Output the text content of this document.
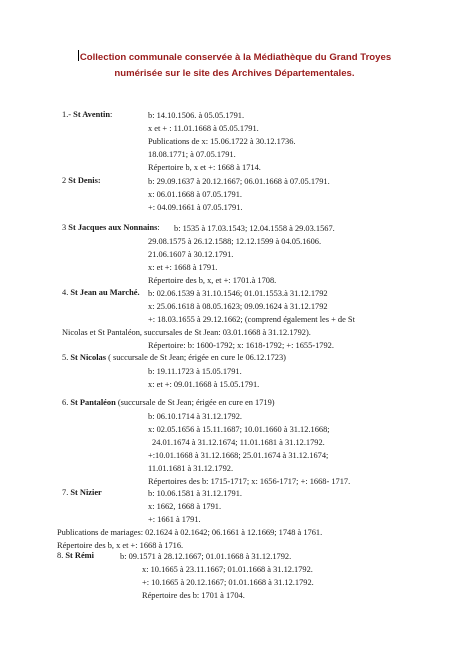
Collection communale conservée à la Médiathèque du Grand Troyes
numérisée sur le site des Archives Départementales.
1.- St Aventin:	b: 14.10.1506. à 05.05.1791.
x et + : 11.01.1668 à 05.05.1791.
Publications de x: 15.06.1722 à 30.12.1736.
18.08.1771; à 07.05.1791.
Répertoire b, x et +: 1668 à 1714.
2 St Denis:	b: 29.09.1637 à 20.12.1667; 06.01.1668 à 07.05.1791.
x: 06.01.1668 à 07.05.1791.
+: 04.09.1661 à 07.05.1791.
3 St Jacques aux Nonnains: b: 1535 à 17.03.1543; 12.04.1558 à 29.03.1567.
29.08.1575 à 26.12.1588; 12.12.1599 à 04.05.1606.
21.06.1607 à 30.12.1791.
x: et +: 1668 à 1791.
Répertoire des b, x, et +: 1701.à 1708.
4. St Jean au Marché. b: 02.06.1539 à 31.10.1546; 01.01.1553.à 31.12.1792
x: 25.06.1618 à 08.05.1623; 09.09.1624 à 31.12.1792
+: 18.03.1655 à 29.12.1662; (comprend également les + de St
Nicolas et St Pantaléon, succursales de St Jean: 03.01.1668 à 31.12.1792).
Répertoire: b: 1600-1792; x: 1618-1792; +: 1655-1792.
5. St Nicolas ( succursale de St Jean; érigée en cure le 06.12.1723)
b: 19.11.1723 à 15.05.1791.
x: et +: 09.01.1668 à 15.05.1791.
6. St Pantaléon (succursale de St Jean; érigée en cure en 1719)
b: 06.10.1714 à 31.12.1792.
x: 02.05.1656 à 15.11.1687; 10.01.1660 à 31.12.1668;
24.01.1674 à 31.12.1674; 11.01.1681 à 31.12.1792.
+:10.01.1668 à 31.12.1668; 25.01.1674 à 31.12.1674;
11.01.1681 à 31.12.1792.
Répertoires des b: 1715-1717; x: 1656-1717; +: 1668- 1717.
7. St Nizier	b: 10.06.1581 à 31.12.1791.
x: 1662, 1668 à 1791.
+: 1661 à 1791.
Publications de mariages: 02.1624 à 02.1642; 06.1661 à 12.1669; 1748 à 1761.
Répertoire des b, x et +: 1668 à 1716.
8. St Rémi	b: 09.1571 à 28.12.1667; 01.01.1668 à 31.12.1792.
x: 10.1665 à 23.11.1667; 01.01.1668 à 31.12.1792.
+: 10.1665 à 20.12.1667; 01.01.1668 à 31.12.1792.
Répertoire des b: 1701 à 1704.
